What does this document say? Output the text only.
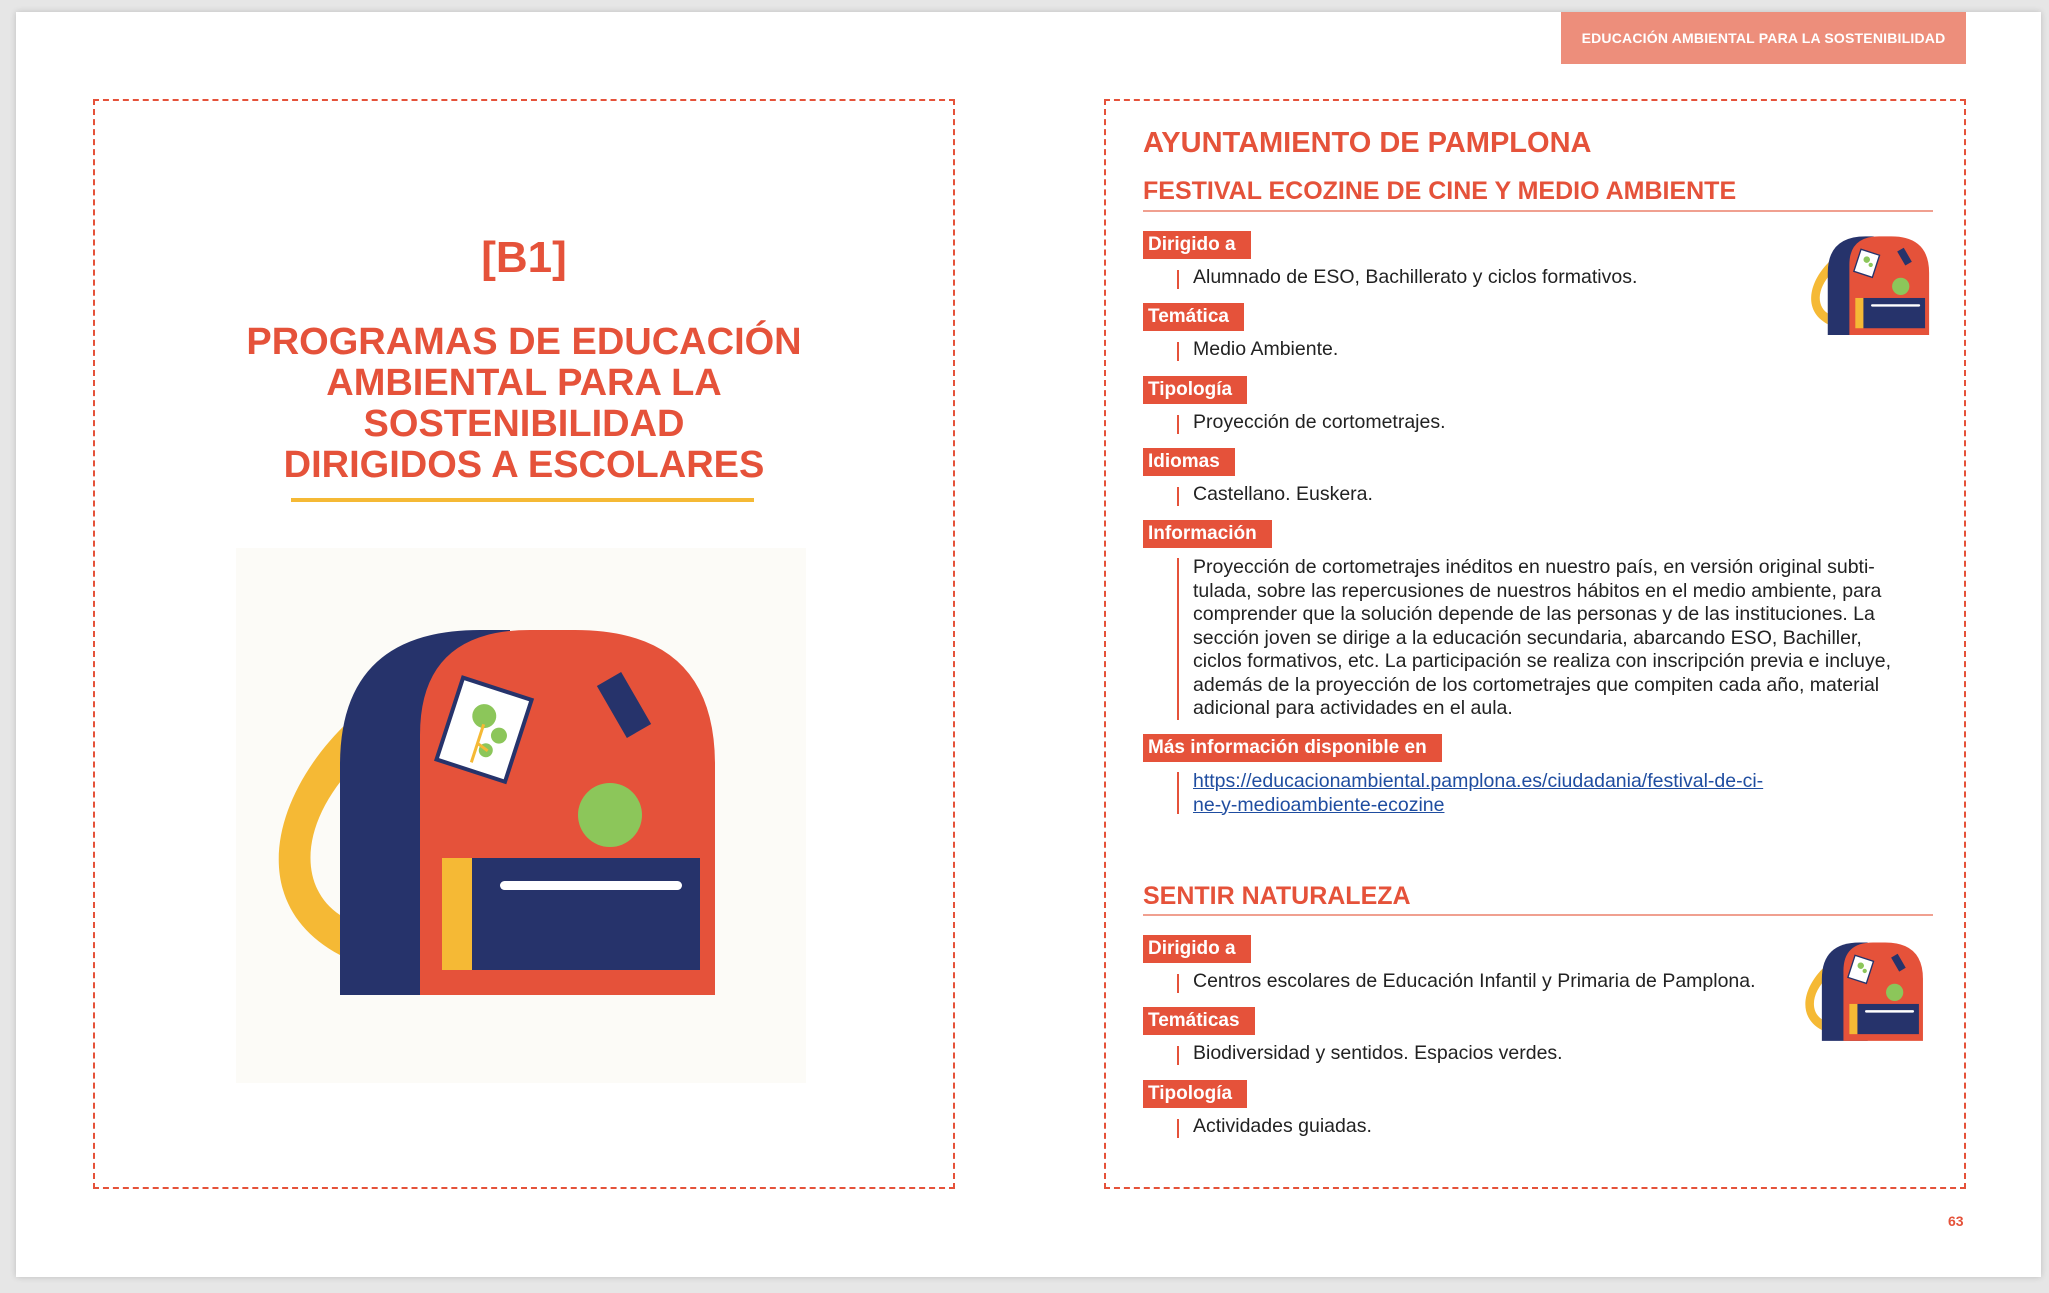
EDUCACIÓN AMBIENTAL PARA LA SOSTENIBILIDAD
[B1]
PROGRAMAS DE EDUCACIÓN
AMBIENTAL PARA LA
SOSTENIBILIDAD
DIRIGIDOS A ESCOLARES
AYUNTAMIENTO DE PAMPLONA
FESTIVAL ECOZINE DE CINE Y MEDIO AMBIENTE
Dirigido a
Alumnado de ESO, Bachillerato y ciclos formativos.
Temática
Medio Ambiente.
Tipología
Proyección de cortometrajes.
Idiomas
Castellano. Euskera.
Información
Proyección de cortometrajes inéditos en nuestro país, en versión original subti-
tulada, sobre las repercusiones de nuestros hábitos en el medio ambiente, para
comprender que la solución depende de las personas y de las instituciones. La
sección joven se dirige a la educación secundaria, abarcando ESO, Bachiller,
ciclos formativos, etc. La participación se realiza con inscripción previa e incluye,
además de la proyección de los cortometrajes que compiten cada año, material
adicional para actividades en el aula.
Más información disponible en
https://educacionambiental.pamplona.es/ciudadania/festival-de-ci-
ne-y-medioambiente-ecozine
SENTIR NATURALEZA
Dirigido a
Centros escolares de Educación Infantil y Primaria de Pamplona.
Temáticas
Biodiversidad y sentidos. Espacios verdes.
Tipología
Actividades guiadas.
63
